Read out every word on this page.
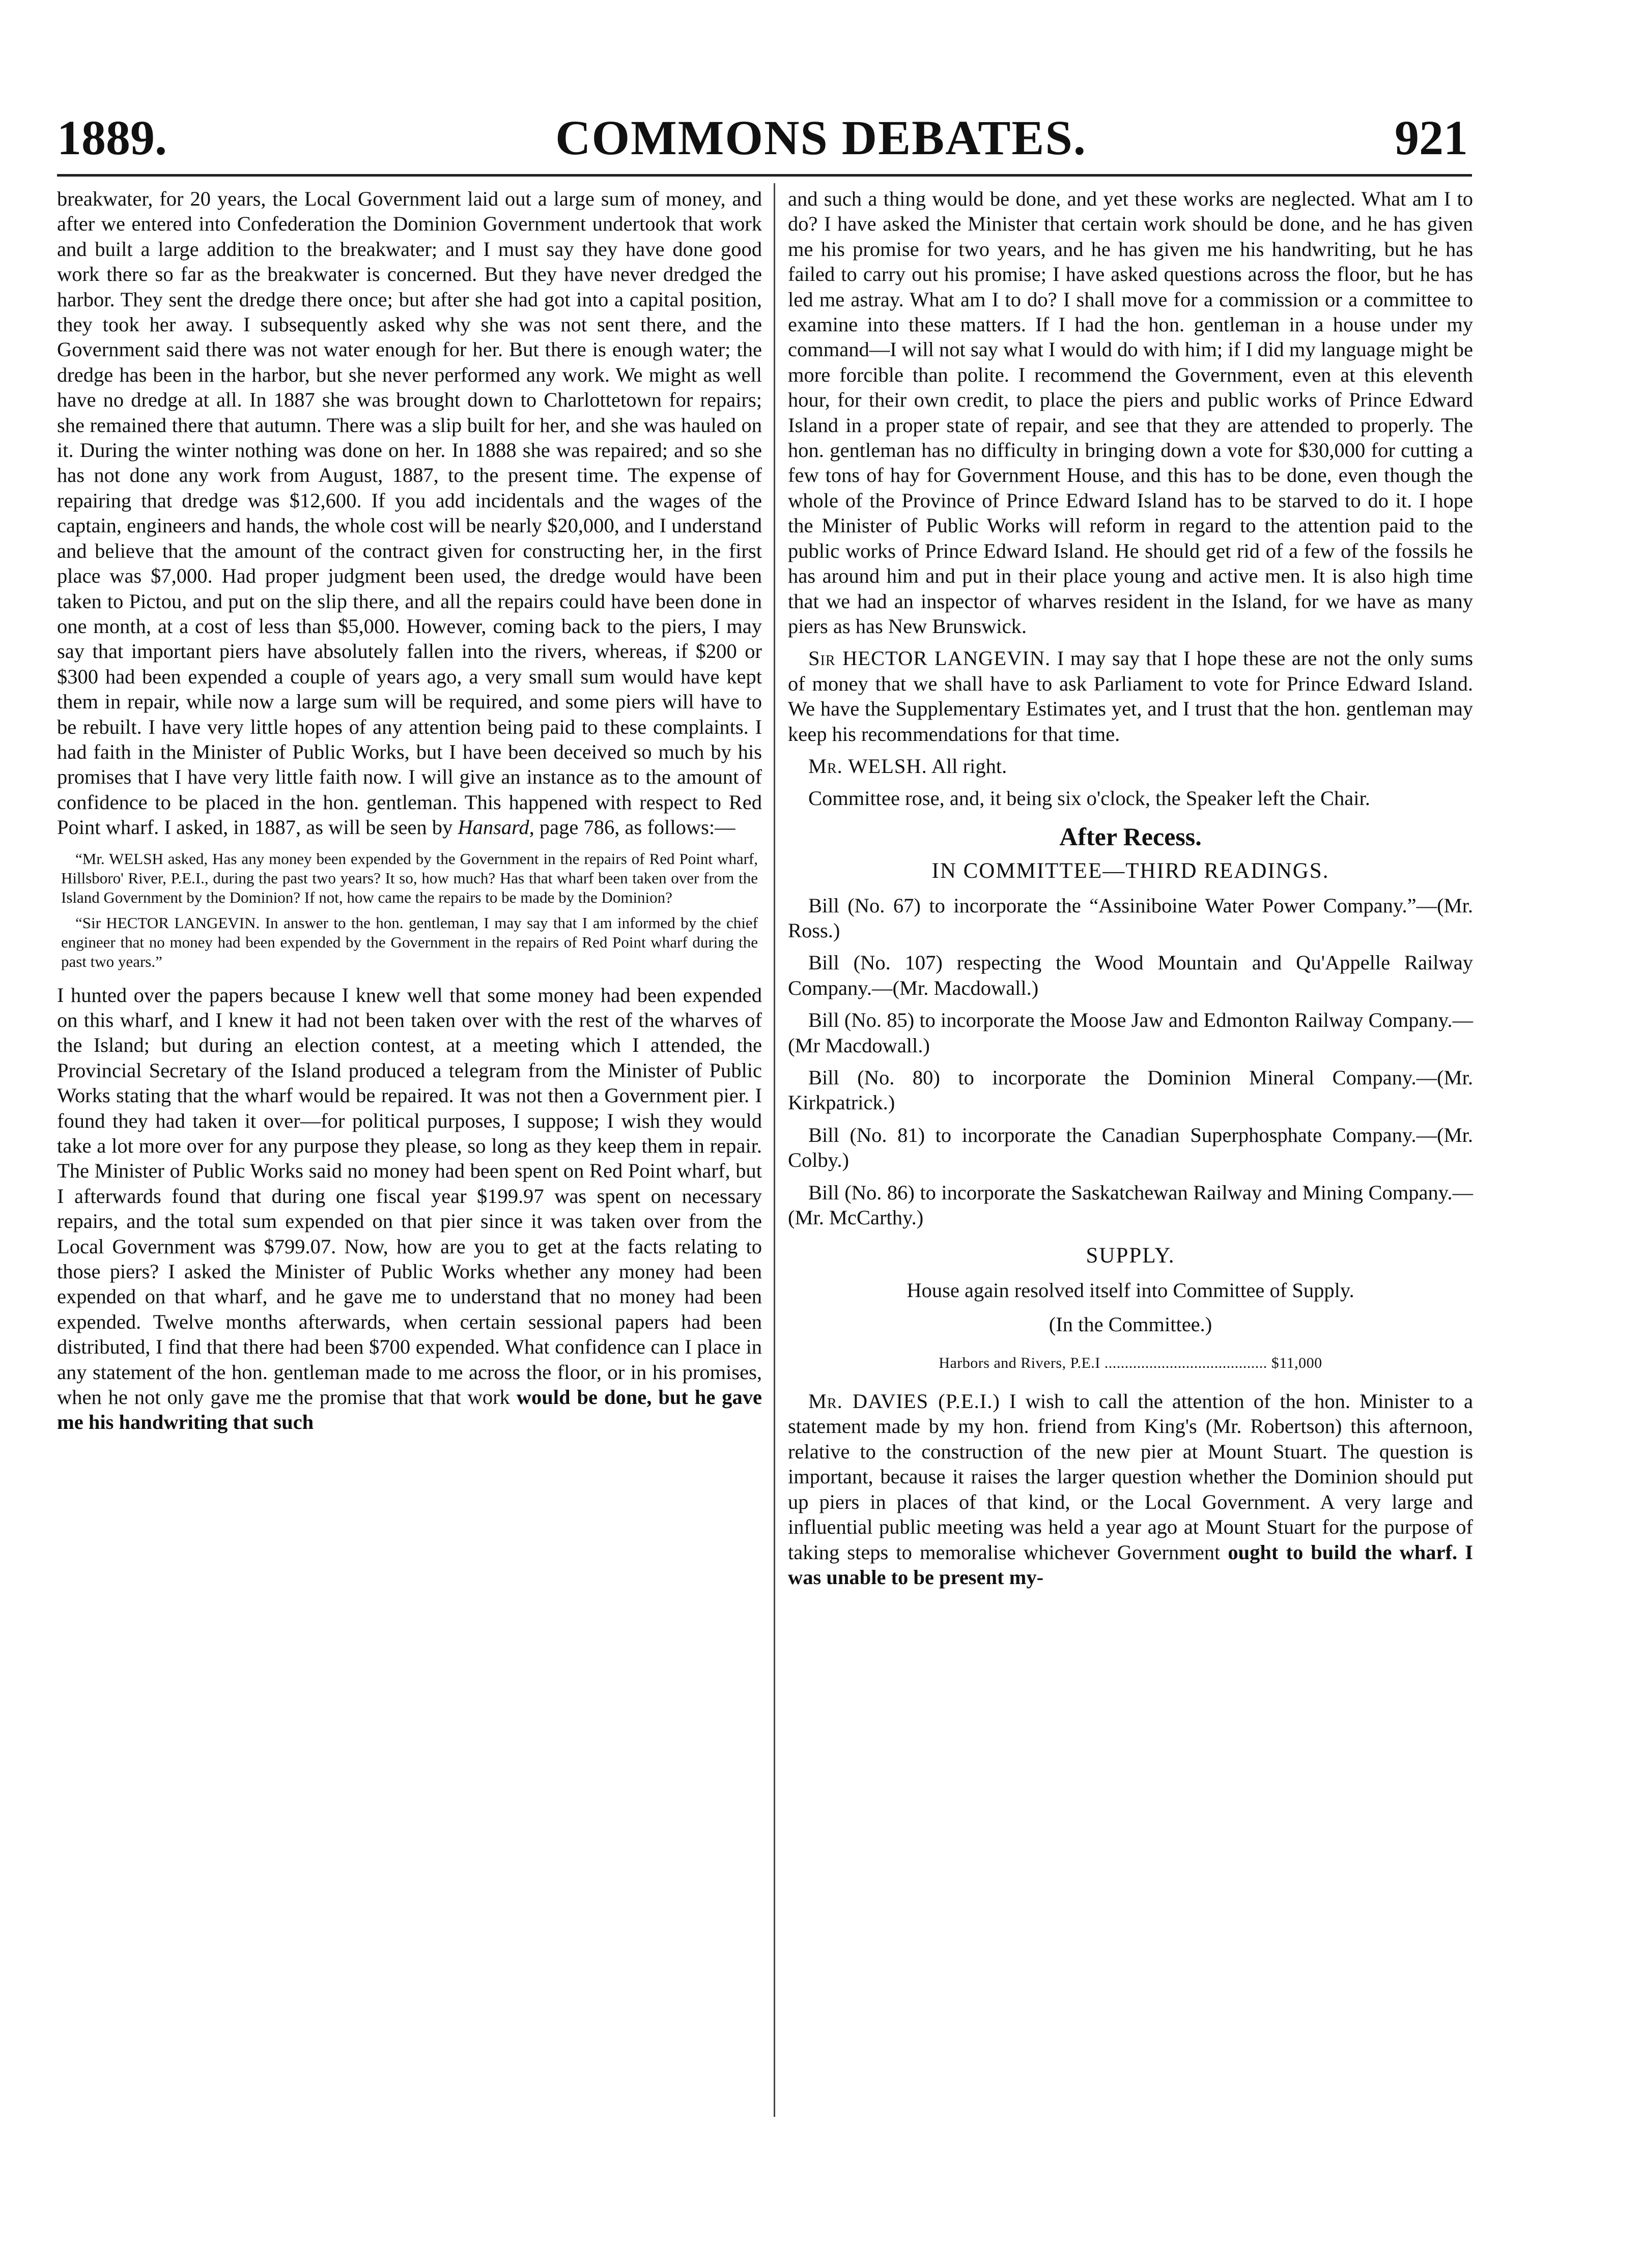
1889.	COMMONS DEBATES.	921

breakwater, for 20 years, the Local Government laid out a large sum of money, and after we entered into Confederation the Dominion Government undertook that work and built a large addition to the breakwater; and I must say they have done good work there so far as the breakwater is concerned. But they have never dredged the harbor. They sent the dredge there once; but after she had got into a capital position, they took her away. I subsequently asked why she was not sent there, and the Government said there was not water enough for her. But there is enough water; the dredge has been in the harbor, but she never performed any work. We might as well have no dredge at all. In 1887 she was brought down to Charlottetown for repairs; she remained there that autumn. There was a slip built for her, and she was hauled on it. During the winter nothing was done on her. In 1888 she was repaired; and so she has not done any work from August, 1887, to the present time. The expense of repairing that dredge was $12,600. If you add incidentals and the wages of the captain, engineers and hands, the whole cost will be nearly $20,000, and I understand and believe that the amount of the contract given for constructing her, in the first place was $7,000. Had proper judgment been used, the dredge would have been taken to Pictou, and put on the slip there, and all the repairs could have been done in one month, at a cost of less than $5,000. However, coming back to the piers, I may say that important piers have absolutely fallen into the rivers, whereas, if $200 or $300 had been expended a couple of years ago, a very small sum would have kept them in repair, while now a large sum will be required, and some piers will have to be rebuilt. I have very little hopes of any attention being paid to these complaints. I had faith in the Minister of Public Works, but I have been deceived so much by his promises that I have very little faith now. I will give an instance as to the amount of confidence to be placed in the hon. gentleman. This happened with respect to Red Point wharf. I asked, in 1887, as will be seen by Hansard, page 786, as follows:—

“Mr. WELSH asked, Has any money been expended by the Government in the repairs of Red Point wharf, Hillsboro' River, P.E.I., during the past two years? It so, how much? Has that wharf been taken over from the Island Government by the Dominion? If not, how came the repairs to be made by the Dominion?

“Sir HECTOR LANGEVIN. In answer to the hon. gentleman, I may say that I am informed by the chief engineer that no money had been expended by the Government in the repairs of Red Point wharf during the past two years.”

I hunted over the papers because I knew well that some money had been expended on this wharf, and I knew it had not been taken over with the rest of the wharves of the Island; but during an election contest, at a meeting which I attended, the Provincial Secretary of the Island produced a telegram from the Minister of Public Works stating that the wharf would be repaired. It was not then a Government pier. I found they had taken it over—for political purposes, I suppose; I wish they would take a lot more over for any purpose they please, so long as they keep them in repair. The Minister of Public Works said no money had been spent on Red Point wharf, but I afterwards found that during one fiscal year $199.97 was spent on necessary repairs, and the total sum expended on that pier since it was taken over from the Local Government was $799.07. Now, how are you to get at the facts relating to those piers? I asked the Minister of Public Works whether any money had been expended on that wharf, and he gave me to understand that no money had been expended. Twelve months afterwards, when certain sessional papers had been distributed, I find that there had been $700 expended. What confidence can I place in any statement of the hon. gentleman made to me across the floor, or in his promises, when he not only gave me the promise that that work would be done, but he gave me his handwriting that such

and such a thing would be done, and yet these works are neglected. What am I to do? I have asked the Minister that certain work should be done, and he has given me his promise for two years, and he has given me his handwriting, but he has failed to carry out his promise; I have asked questions across the floor, but he has led me astray. What am I to do? I shall move for a commission or a committee to examine into these matters. If I had the hon. gentleman in a house under my command—I will not say what I would do with him; if I did my language might be more forcible than polite. I recommend the Government, even at this eleventh hour, for their own credit, to place the piers and public works of Prince Edward Island in a proper state of repair, and see that they are attended to properly. The hon. gentleman has no difficulty in bringing down a vote for $30,000 for cutting a few tons of hay for Government House, and this has to be done, even though the whole of the Province of Prince Edward Island has to be starved to do it. I hope the Minister of Public Works will reform in regard to the attention paid to the public works of Prince Edward Island. He should get rid of a few of the fossils he has around him and put in their place young and active men. It is also high time that we had an inspector of wharves resident in the Island, for we have as many piers as has New Brunswick.

Sir HECTOR LANGEVIN. I may say that I hope these are not the only sums of money that we shall have to ask Parliament to vote for Prince Edward Island. We have the Supplementary Estimates yet, and I trust that the hon. gentleman may keep his recommendations for that time.

Mr. WELSH. All right.

Committee rose, and, it being six o'clock, the Speaker left the Chair.

After Recess.
IN COMMITTEE—THIRD READINGS.

Bill (No. 67) to incorporate the “Assiniboine Water Power Company.”—(Mr. Ross.)

Bill (No. 107) respecting the Wood Mountain and Qu'Appelle Railway Company.—(Mr. Macdowall.)

Bill (No. 85) to incorporate the Moose Jaw and Edmonton Railway Company.—(Mr Macdowall.)

Bill (No. 80) to incorporate the Dominion Mineral Company.—(Mr. Kirkpatrick.)

Bill (No. 81) to incorporate the Canadian Superphosphate Company.—(Mr. Colby.)

Bill (No. 86) to incorporate the Saskatchewan Railway and Mining Company.—(Mr. McCarthy.)

SUPPLY.
House again resolved itself into Committee of Supply.
(In the Committee.)
Harbors and Rivers, P.E.I ........................................ $11,000

Mr. DAVIES (P.E.I.) I wish to call the attention of the hon. Minister to a statement made by my hon. friend from King's (Mr. Robertson) this afternoon, relative to the construction of the new pier at Mount Stuart. The question is important, because it raises the larger question whether the Dominion should put up piers in places of that kind, or the Local Government. A very large and influential public meeting was held a year ago at Mount Stuart for the purpose of taking steps to memoralise whichever Government ought to build the wharf. I was unable to be present my-
